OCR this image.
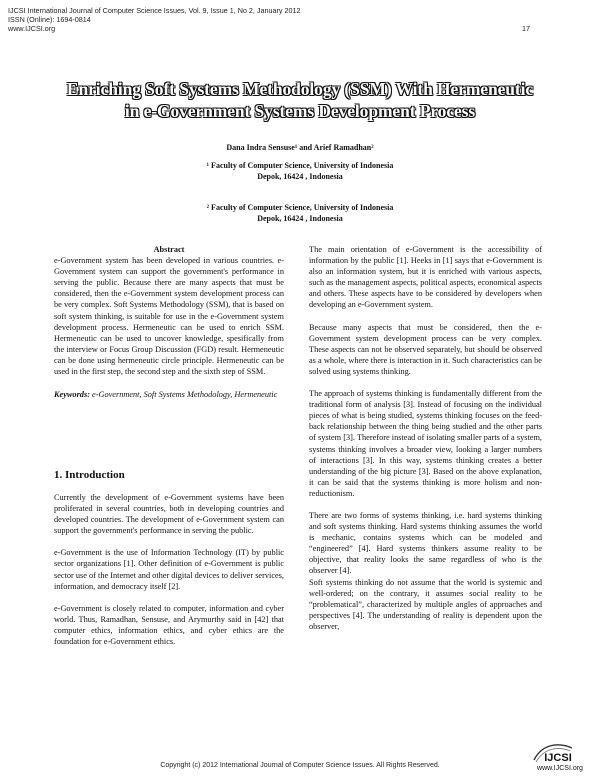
IJCSI International Journal of Computer Science Issues, Vol. 9, Issue 1, No 2, January 2012
ISSN (Online): 1694-0814
www.IJCSI.org	17
Enriching Soft Systems Methodology (SSM) With Hermeneutic
in e-Government Systems Development Process
Dana Indra Sensuse¹ and Arief Ramadhan²
¹ Faculty of Computer Science, University of Indonesia
Depok, 16424 , Indonesia
² Faculty of Computer Science, University of Indonesia
Depok, 16424 , Indonesia

Abstract

e-Government system has been developed in various countries. e-Government system can support the government's performance in serving the public. Because there are many aspects that must be considered, then the e-Government system development process can be very complex. Soft Systems Methodology (SSM), that is based on soft system thinking, is suitable for use in the e-Government system development process. Hermeneutic can be used to enrich SSM. Hermeneutic can be used to uncover knowledge, spesifically from the interview or Focus Group Discussion (FGD) result. Hermeneutic can be done using hermeneutic circle principle. Hermeneutic can be used in the first step, the second step and the sixth step of SSM.

Keywords: e-Government, Soft Systems Methodology, Hermeneutic

1. Introduction

Currently the development of e-Government systems have been proliferated in several countries, both in developing countries and developed countries. The development of e-Government system can support the government's performance in serving the public.

e-Government is the use of Information Technology (IT) by public sector organizations [1]. Other definition of e-Government is public sector use of the Internet and other digital devices to deliver services, information, and democracy itself [2].

e-Government is closely related to computer, information and cyber world. Thus, Ramadhan, Sensuse, and Arymurthy said in [42] that computer ethics, information ethics, and cyber ethics are the foundation for e-Government ethics.

The main orientation of e-Government is the accessibility of information by the public [1]. Heeks in [1] says that e-Government is also an information system, but it is enriched with various aspects, such as the management aspects, political aspects, economical aspects and others. These aspects have to be considered by developers when developing an e-Government system.

Because many aspects that must be considered, then the e-Government system development process can be very complex. These aspects can not be observed separately, but should be observed as a whole, where there is interaction in it. Such characteristics can be solved using systems thinking.

The approach of systems thinking is fundamentally different from the traditional form of analysis [3]. Instead of focusing on the individual pieces of what is being studied, systems thinking focuses on the feed-back relationship between the thing being studied and the other parts of system [3]. Therefore instead of isolating smaller parts of a system, systems thinking involves a broader view, looking a larger numbers of interactions [3]. In this way, systems thinking creates a better understanding of the big picture [3]. Based on the above explanation, it can be said that the systems thinking is more holism and non-reductionism.

There are two forms of systems thinking, i.e. hard systems thinking and soft systems thinking. Hard systems thinking assumes the world is mechanic, contains systems which can be modeled and “engineered” [4]. Hard systems thinkers assume reality to be objective, that reality looks the same regardless of who is the observer [4].

Soft systems thinking do not assume that the world is systemic and well-ordered; on the contrary, it assumes social reality to be “problematical”, characterized by multiple angles of approaches and perspectives [4]. The understanding of reality is dependent upon the observer,

IJCSI
www.IJCSI.org
Copyright (c) 2012 International Journal of Computer Science Issues. All Rights Reserved.
